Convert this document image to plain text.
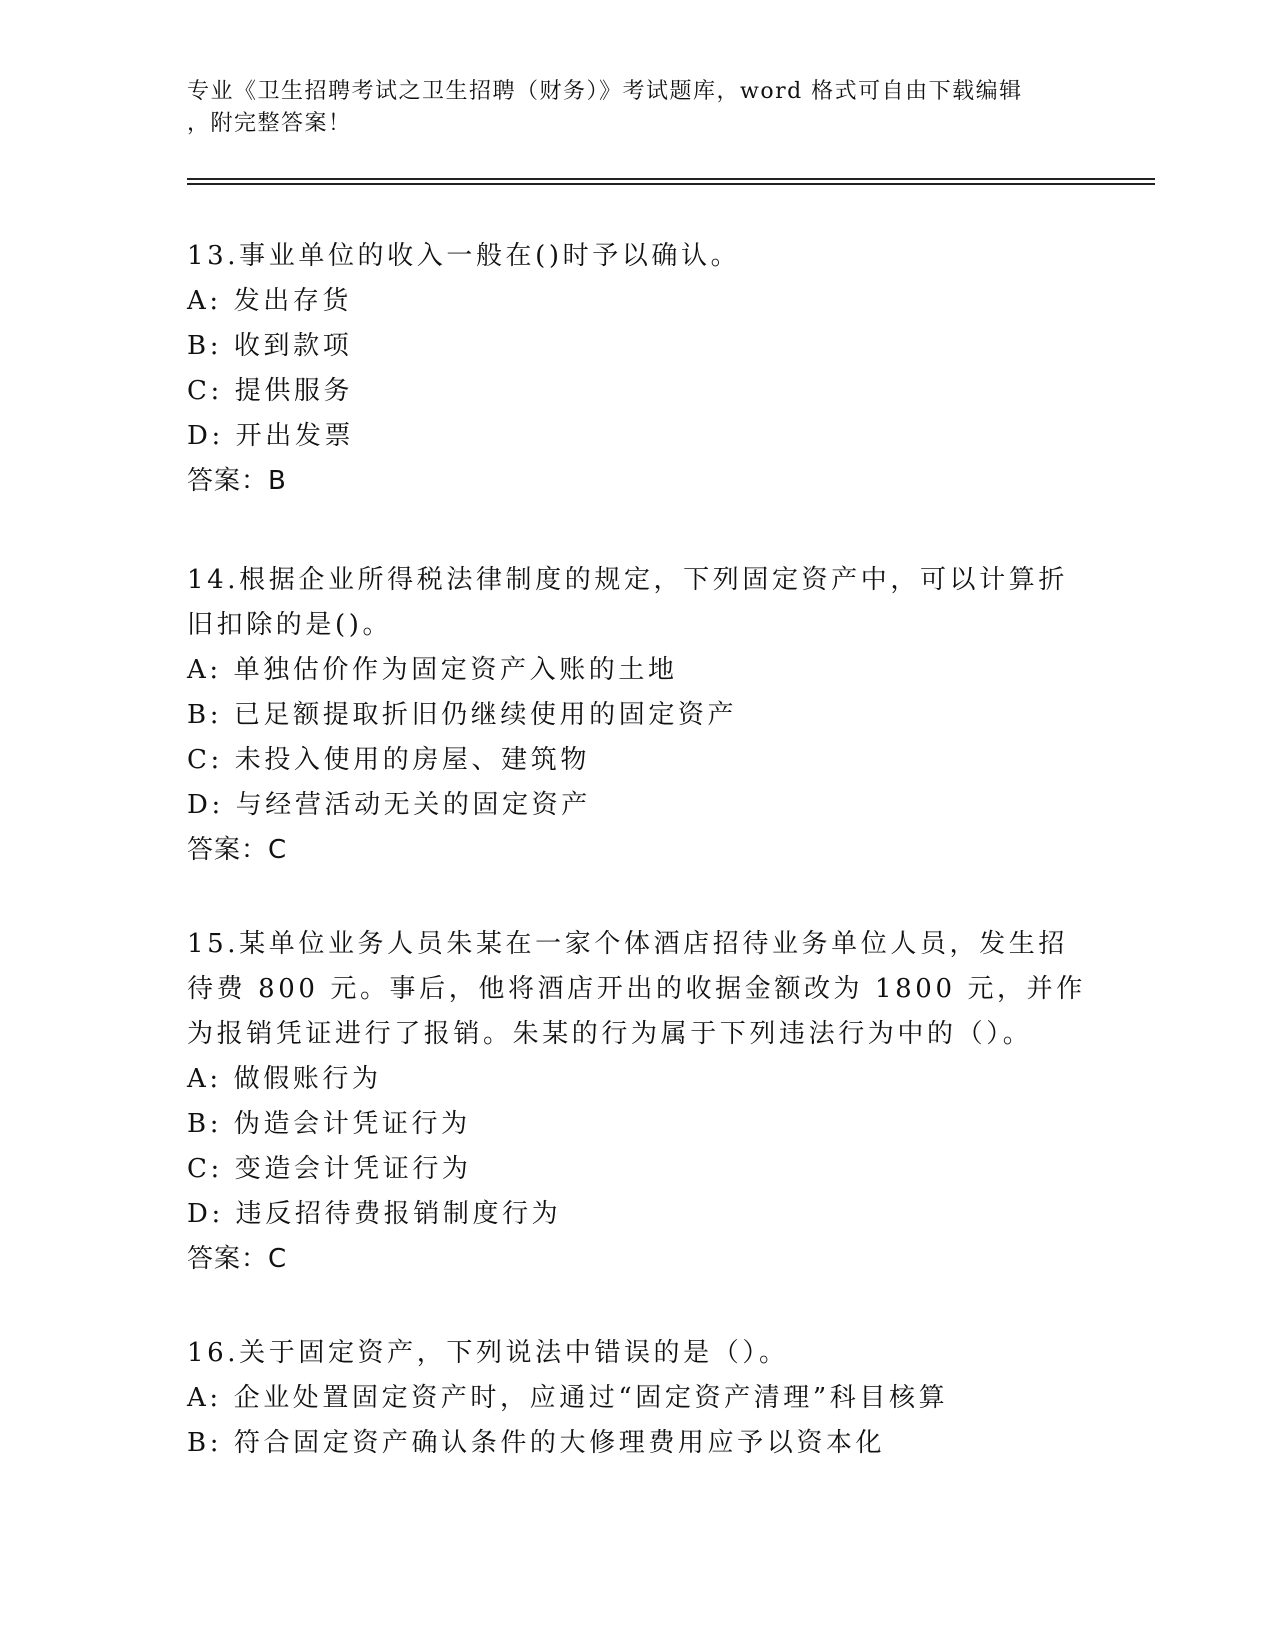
专业《卫生招聘考试之卫生招聘（财务）》考试题库，word 格式可自由下载编辑
，附完整答案！
13.事业单位的收入一般在()时予以确认。
A: 发出存货
B: 收到款项
C: 提供服务
D: 开出发票
答案：B
14.根据企业所得税法律制度的规定，下列固定资产中，可以计算折旧扣除的是()。
A: 单独估价作为固定资产入账的土地
B: 已足额提取折旧仍继续使用的固定资产
C: 未投入使用的房屋、建筑物
D: 与经营活动无关的固定资产
答案：C
15.某单位业务人员朱某在一家个体酒店招待业务单位人员，发生招待费 800 元。事后，他将酒店开出的收据金额改为 1800 元，并作为报销凭证进行了报销。朱某的行为属于下列违法行为中的（）。
A: 做假账行为
B: 伪造会计凭证行为
C: 变造会计凭证行为
D: 违反招待费报销制度行为
答案：C
16.关于固定资产，下列说法中错误的是（）。
A: 企业处置固定资产时，应通过“固定资产清理”科目核算
B: 符合固定资产确认条件的大修理费用应予以资本化
